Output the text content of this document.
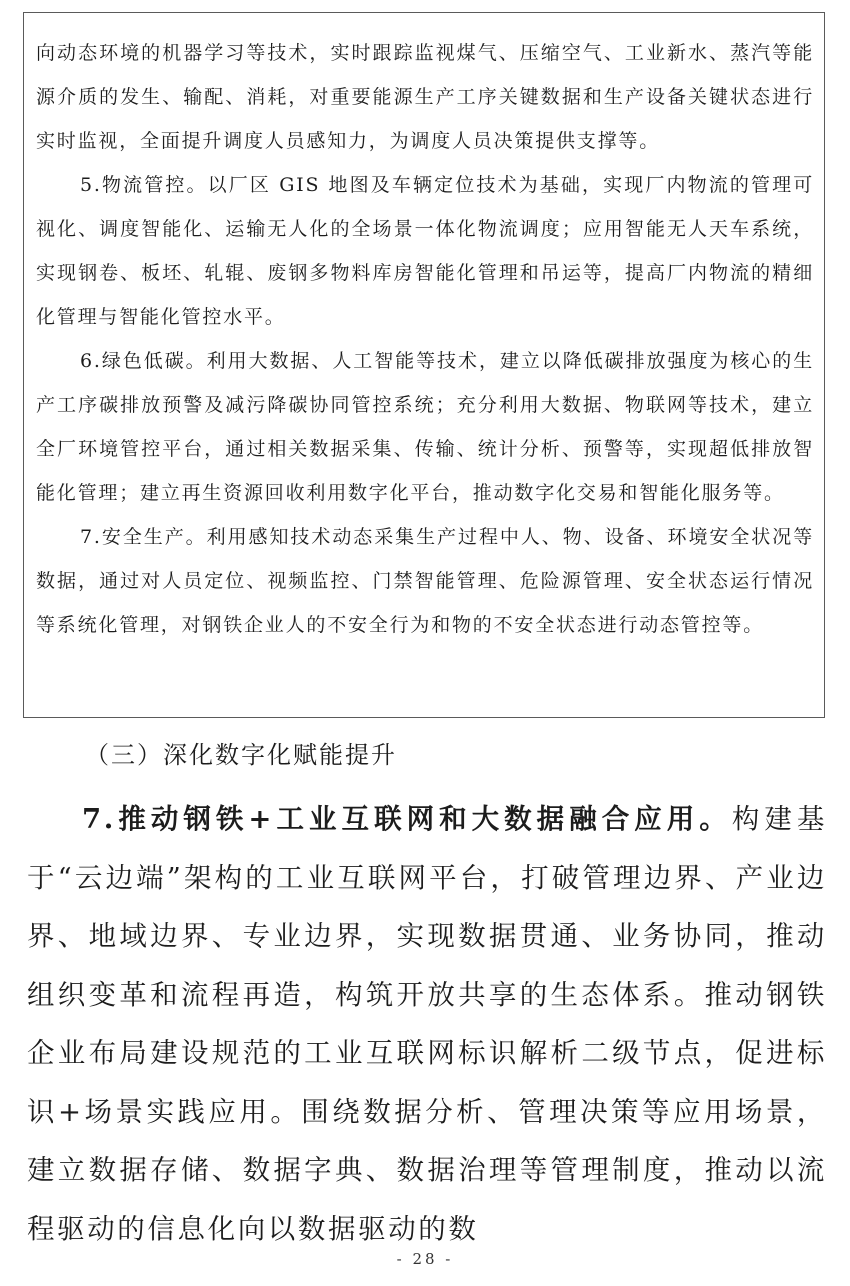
向动态环境的机器学习等技术，实时跟踪监视煤气、压缩空气、工业新水、蒸汽等能源介质的发生、输配、消耗，对重要能源生产工序关键数据和生产设备关键状态进行实时监视，全面提升调度人员感知力，为调度人员决策提供支撑等。

5.物流管控。以厂区 GIS 地图及车辆定位技术为基础，实现厂内物流的管理可视化、调度智能化、运输无人化的全场景一体化物流调度；应用智能无人天车系统，实现钢卷、板坯、轧辊、废钢多物料库房智能化管理和吊运等，提高厂内物流的精细化管理与智能化管控水平。

6.绿色低碳。利用大数据、人工智能等技术，建立以降低碳排放强度为核心的生产工序碳排放预警及减污降碳协同管控系统；充分利用大数据、物联网等技术，建立全厂环境管控平台，通过相关数据采集、传输、统计分析、预警等，实现超低排放智能化管理；建立再生资源回收利用数字化平台，推动数字化交易和智能化服务等。

7.安全生产。利用感知技术动态采集生产过程中人、物、设备、环境安全状况等数据，通过对人员定位、视频监控、门禁智能管理、危险源管理、安全状态运行情况等系统化管理，对钢铁企业人的不安全行为和物的不安全状态进行动态管控等。

（三）深化数字化赋能提升

7.推动钢铁+工业互联网和大数据融合应用。构建基于“云边端”架构的工业互联网平台，打破管理边界、产业边界、地域边界、专业边界，实现数据贯通、业务协同，推动组织变革和流程再造，构筑开放共享的生态体系。推动钢铁企业布局建设规范的工业互联网标识解析二级节点，促进标识+场景实践应用。围绕数据分析、管理决策等应用场景，建立数据存储、数据字典、数据治理等管理制度，推动以流程驱动的信息化向以数据驱动的数

- 28 -
